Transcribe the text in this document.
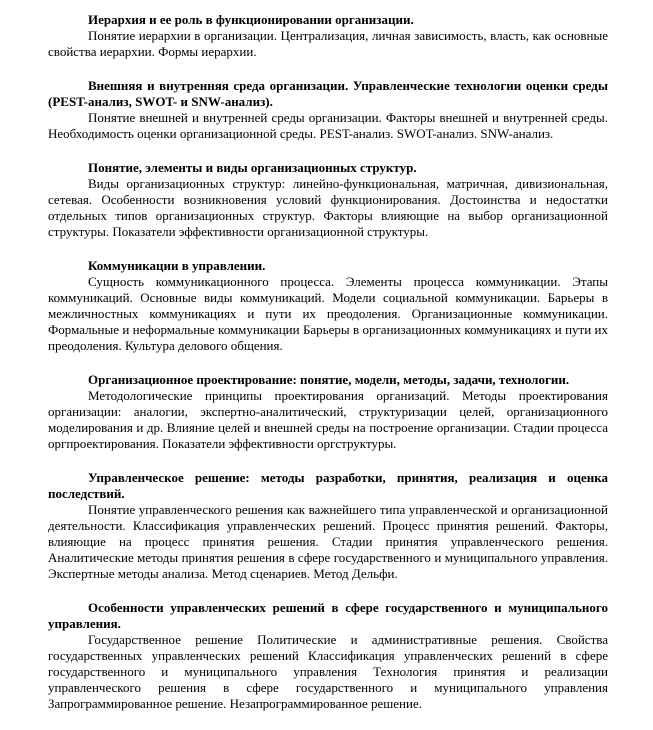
Иерархия и ее роль в функционировании организации.

Понятие иерархии в организации. Централизация, личная зависимость, власть, как основные свойства иерархии. Формы иерархии.

Внешняя и внутренняя среда организации. Управленческие технологии оценки среды (PEST-анализ, SWOT- и SNW-анализ).

Понятие внешней и внутренней среды организации. Факторы внешней и внутренней среды. Необходимость оценки организационной среды. PEST-анализ. SWOT-анализ. SNW-анализ.

Понятие, элементы и виды организационных структур.

Виды организационных структур: линейно-функциональная, матричная, дивизиональная, сетевая. Особенности возникновения условий функционирования. Достоинства и недостатки отдельных типов организационных структур. Факторы влияющие на выбор организационной структуры. Показатели эффективности организационной структуры.

Коммуникации в управлении.

Сущность коммуникационного процесса. Элементы процесса коммуникации. Этапы коммуникаций. Основные виды коммуникаций. Модели социальной коммуникации. Барьеры в межличностных коммуникациях и пути их преодоления. Организационные коммуникации. Формальные и неформальные коммуникации Барьеры в организационных коммуникациях и пути их преодоления. Культура делового общения.

Организационное проектирование: понятие, модели, методы, задачи, технологии.

Методологические принципы проектирования организаций. Методы проектирования организации: аналогии, экспертно-аналитический, структуризации целей, организационного моделирования и др. Влияние целей и внешней среды на построение организации. Стадии процесса оргпроектирования. Показатели эффективности оргструктуры.

Управленческое решение: методы разработки, принятия, реализация и оценка последствий.

Понятие управленческого решения как важнейшего типа управленческой и организационной деятельности. Классификация управленческих решений. Процесс принятия решений. Факторы, влияющие на процесс принятия решения. Стадии принятия управленческого решения. Аналитические методы принятия решения в сфере государственного и муниципального управления. Экспертные методы анализа. Метод сценариев. Метод Дельфи.

Особенности управленческих решений в сфере государственного и муниципального управления.

Государственное решение Политические и административные решения. Свойства государственных управленческих решений Классификация управленческих решений в сфере государственного и муниципального управления Технология принятия и реализации управленческого решения в сфере государственного и муниципального управления Запрограммированное решение. Незапрограммированное решение.
